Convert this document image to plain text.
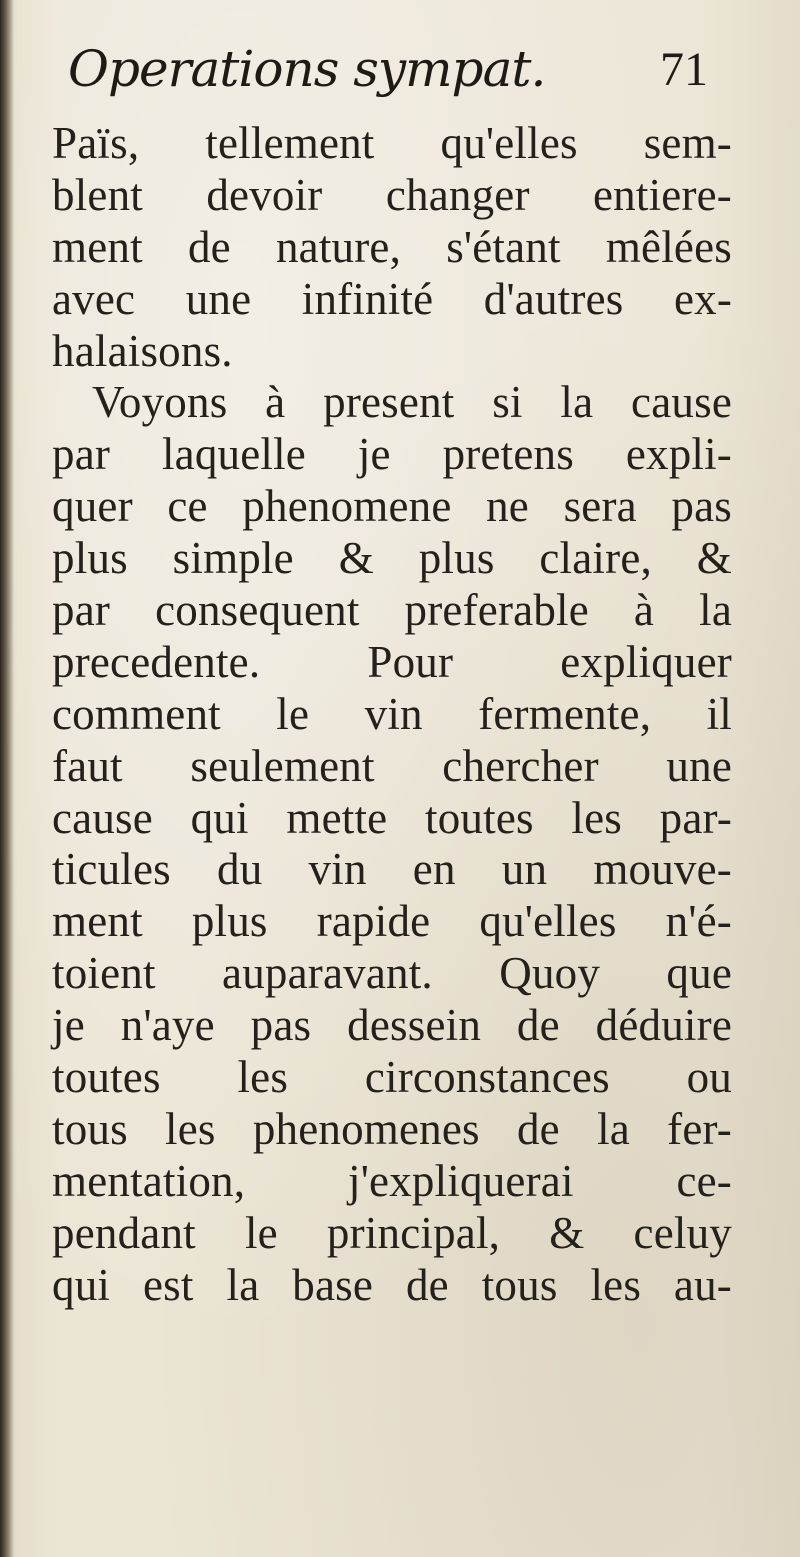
Operations sympat. 71
Païs, tellement qu'elles sem-
blent devoir changer entiere-
ment de nature, s'étant mêlées
avec une infinité d'autres ex-
halaisons.
Voyons à present si la cause
par laquelle je pretens expli-
quer ce phenomene ne sera pas
plus simple & plus claire, &
par consequent preferable à la
precedente. Pour expliquer
comment le vin fermente, il
faut seulement chercher une
cause qui mette toutes les par-
ticules du vin en un mouve-
ment plus rapide qu'elles n'é-
toient auparavant. Quoy que
je n'aye pas dessein de déduire
toutes les circonstances ou
tous les phenomenes de la fer-
mentation, j'expliquerai ce-
pendant le principal, & celuy
qui est la base de tous les au-
